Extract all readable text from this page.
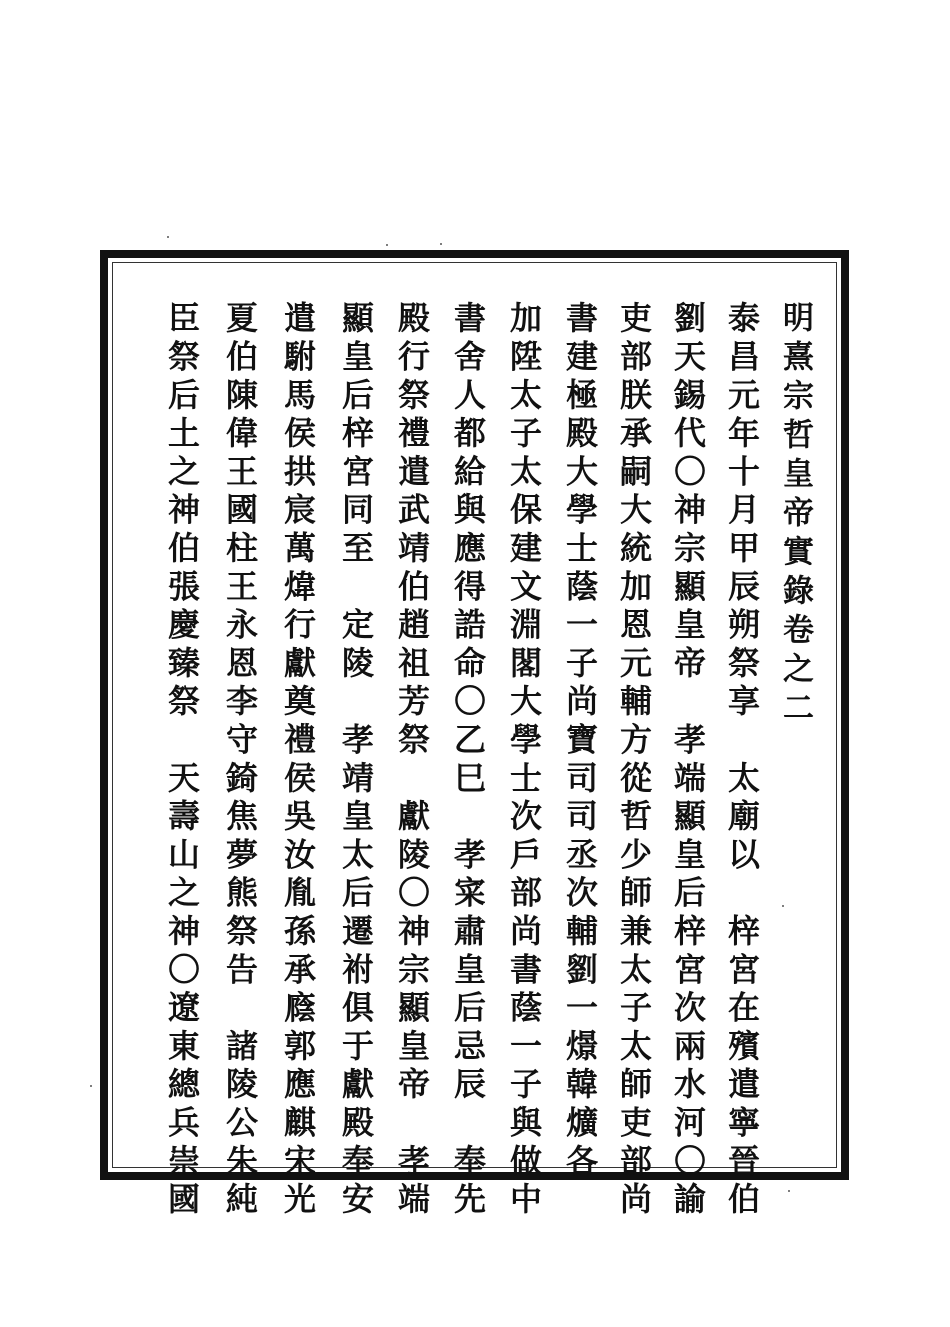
明熹宗哲皇帝實錄卷之二
泰昌元年十月甲辰朔祭享　太廟以　梓宮在殯遣寧晉伯
劉天錫代〇神宗顯皇帝　孝端顯皇后梓宮次兩水河〇諭
吏部朕承嗣大統加恩元輔方從哲少師兼太子太師吏部尚
書建極殿大學士蔭一子尚寶司司丞次輔劉一燝韓爌各
加陞太子太保建文淵閣大學士次戶部尚書蔭一子與做中
書舍人都給與應得誥命〇乙巳　孝寀肅皇后忌辰　奉先
殿行祭禮遣武靖伯趙祖芳祭　獻陵〇神宗顯皇帝　孝端
顯皇后梓宮同至　定陵　孝靖皇太后遷祔俱于獻殿奉安
遣駙馬侯拱宸萬煒行獻奠禮侯吳汝胤孫承廕郭應麒宋光
夏伯陳偉王國柱王永恩李守錡焦夢熊祭告　諸陵公朱純
臣祭后土之神伯張慶臻祭　天壽山之神〇遼東總兵崇國
